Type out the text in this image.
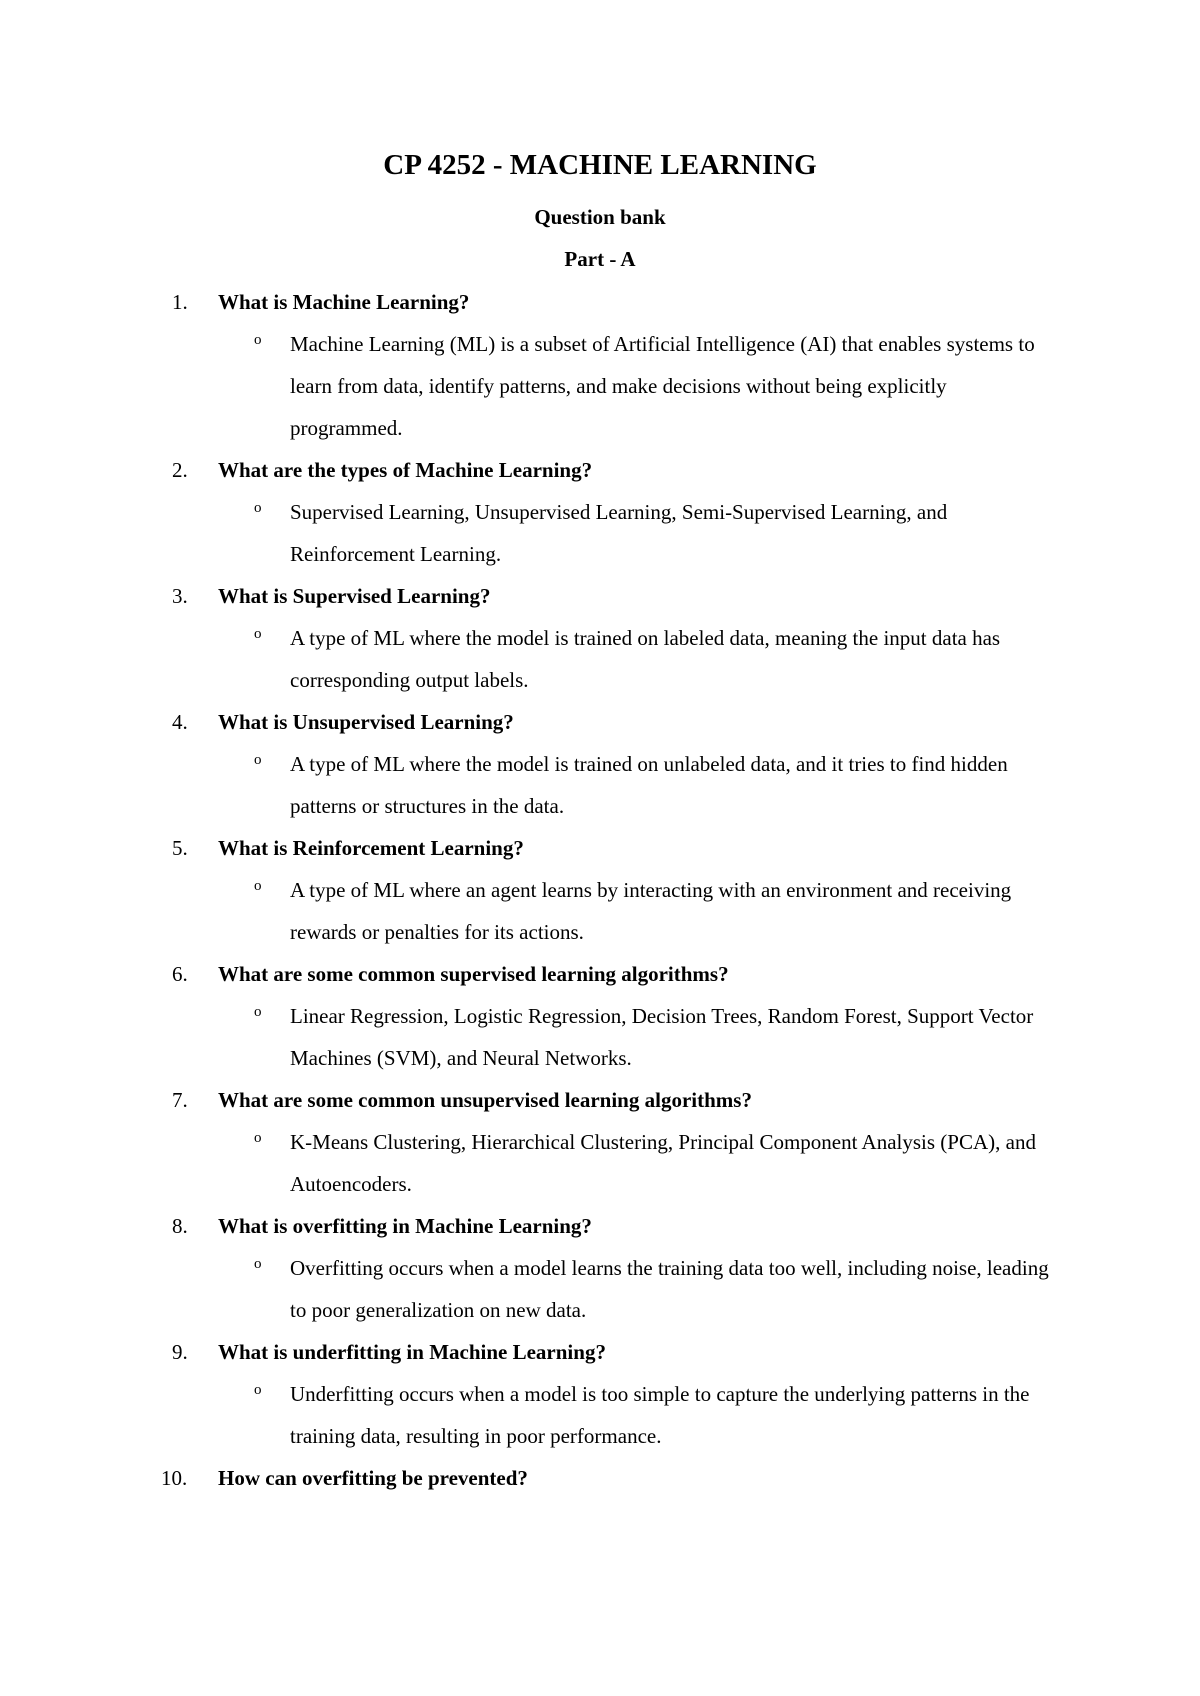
CP 4252 - MACHINE LEARNING
Question bank
Part - A
1. What is Machine Learning?
o Machine Learning (ML) is a subset of Artificial Intelligence (AI) that enables systems to learn from data, identify patterns, and make decisions without being explicitly programmed.

2. What are the types of Machine Learning?
o Supervised Learning, Unsupervised Learning, Semi-Supervised Learning, and Reinforcement Learning.

3. What is Supervised Learning?
o A type of ML where the model is trained on labeled data, meaning the input data has corresponding output labels.

4. What is Unsupervised Learning?
o A type of ML where the model is trained on unlabeled data, and it tries to find hidden patterns or structures in the data.

5. What is Reinforcement Learning?
o A type of ML where an agent learns by interacting with an environment and receiving rewards or penalties for its actions.

6. What are some common supervised learning algorithms?
o Linear Regression, Logistic Regression, Decision Trees, Random Forest, Support Vector Machines (SVM), and Neural Networks.

7. What are some common unsupervised learning algorithms?
o K-Means Clustering, Hierarchical Clustering, Principal Component Analysis (PCA), and Autoencoders.

8. What is overfitting in Machine Learning?
o Overfitting occurs when a model learns the training data too well, including noise, leading to poor generalization on new data.

9. What is underfitting in Machine Learning?
o Underfitting occurs when a model is too simple to capture the underlying patterns in the training data, resulting in poor performance.

10. How can overfitting be prevented?
